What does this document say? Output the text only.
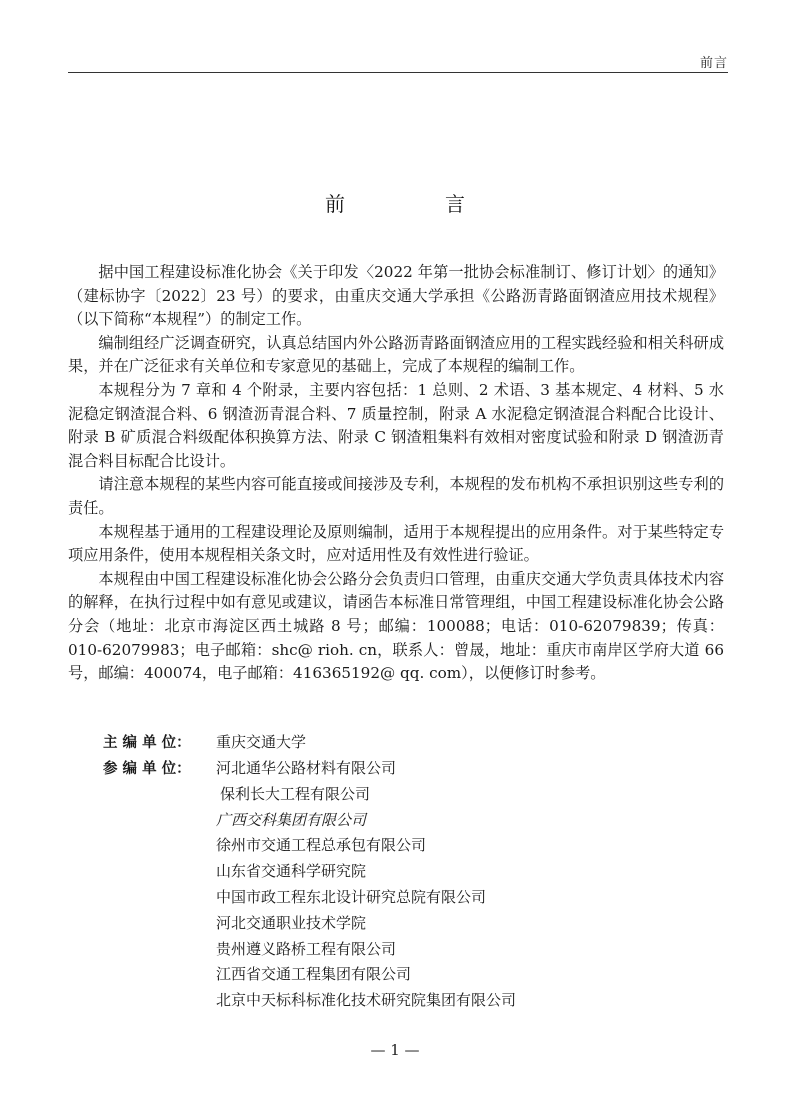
前言
前　言

据中国工程建设标准化协会《关于印发〈2022 年第一批协会标准制订、修订计划〉的通知》（建标协字〔2022〕23 号）的要求，由重庆交通大学承担《公路沥青路面钢渣应用技术规程》（以下简称“本规程”）的制定工作。

编制组经广泛调查研究，认真总结国内外公路沥青路面钢渣应用的工程实践经验和相关科研成果，并在广泛征求有关单位和专家意见的基础上，完成了本规程的编制工作。

本规程分为 7 章和 4 个附录，主要内容包括：1 总则、2 术语、3 基本规定、4 材料、5 水泥稳定钢渣混合料、6 钢渣沥青混合料、7 质量控制，附录 A 水泥稳定钢渣混合料配合比设计、附录 B 矿质混合料级配体积换算方法、附录 C 钢渣粗集料有效相对密度试验和附录 D 钢渣沥青混合料目标配合比设计。

请注意本规程的某些内容可能直接或间接涉及专利，本规程的发布机构不承担识别这些专利的责任。

本规程基于通用的工程建设理论及原则编制，适用于本规程提出的应用条件。对于某些特定专项应用条件，使用本规程相关条文时，应对适用性及有效性进行验证。

本规程由中国工程建设标准化协会公路分会负责归口管理，由重庆交通大学负责具体技术内容的解释，在执行过程中如有意见或建议，请函告本标准日常管理组，中国工程建设标准化协会公路分会（地址：北京市海淀区西土城路 8 号；邮编：100088；电话：010-62079839；传真：010-62079983；电子邮箱：shc@ rioh. cn，联系人：曾晟，地址：重庆市南岸区学府大道 66 号，邮编：400074，电子邮箱：416365192@ qq. com），以便修订时参考。

主 编 单 位：	重庆交通大学
参 编 单 位：	河北通华公路材料有限公司
保利长大工程有限公司
广西交科集团有限公司
徐州市交通工程总承包有限公司
山东省交通科学研究院
中国市政工程东北设计研究总院有限公司
河北交通职业技术学院
贵州遵义路桥工程有限公司
江西省交通工程集团有限公司
北京中天标科标准化技术研究院集团有限公司
— 1 —
